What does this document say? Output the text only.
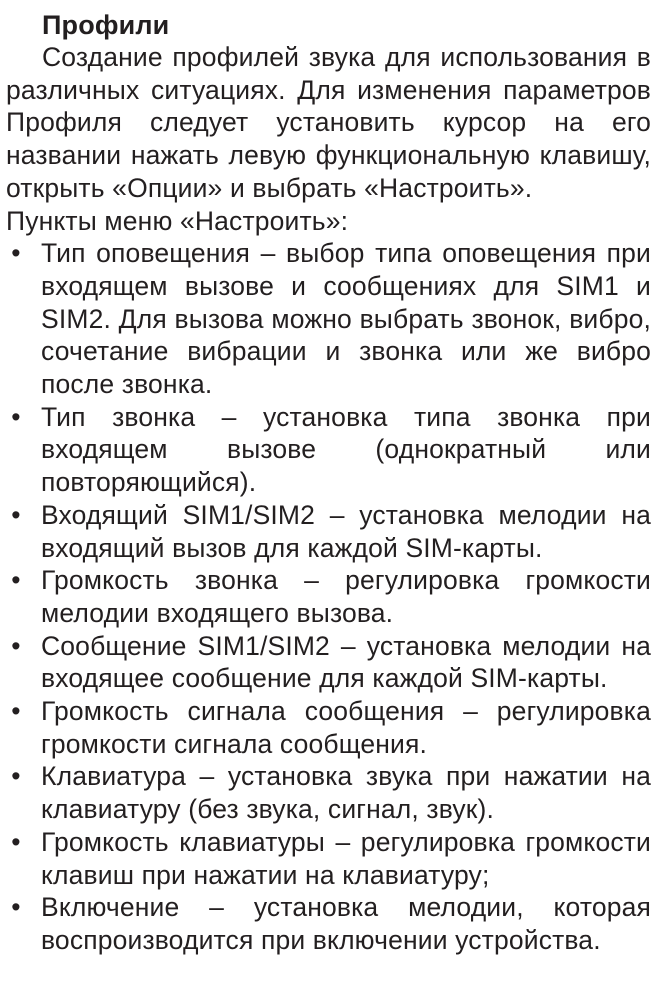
Профили

Создание профилей звука для использования в различных ситуациях. Для изменения параметров Профиля следует установить курсор на его названии нажать левую функциональную клавишу, открыть «Опции» и выбрать «Настроить».

Пункты меню «Настроить»:

• Тип оповещения – выбор типа оповещения при входящем вызове и сообщениях для SIM1 и SIM2. Для вызова можно выбрать звонок, вибро, сочетание вибрации и звонка или же вибро после звонка.
• Тип звонка – установка типа звонка при входящем вызове (однократный или повторяющийся).
• Входящий SIM1/SIM2 – установка мелодии на входящий вызов для каждой SIM-карты.
• Громкость звонка – регулировка громкости мелодии входящего вызова.
• Сообщение SIM1/SIM2 – установка мелодии на входящее сообщение для каждой SIM-карты.
• Громкость сигнала сообщения – регулировка громкости сигнала сообщения.
• Клавиатура – установка звука при нажатии на клавиатуру (без звука, сигнал, звук).
• Громкость клавиатуры – регулировка громкости клавиш при нажатии на клавиатуру;
• Включение – установка мелодии, которая воспроизводится при включении устройства.
